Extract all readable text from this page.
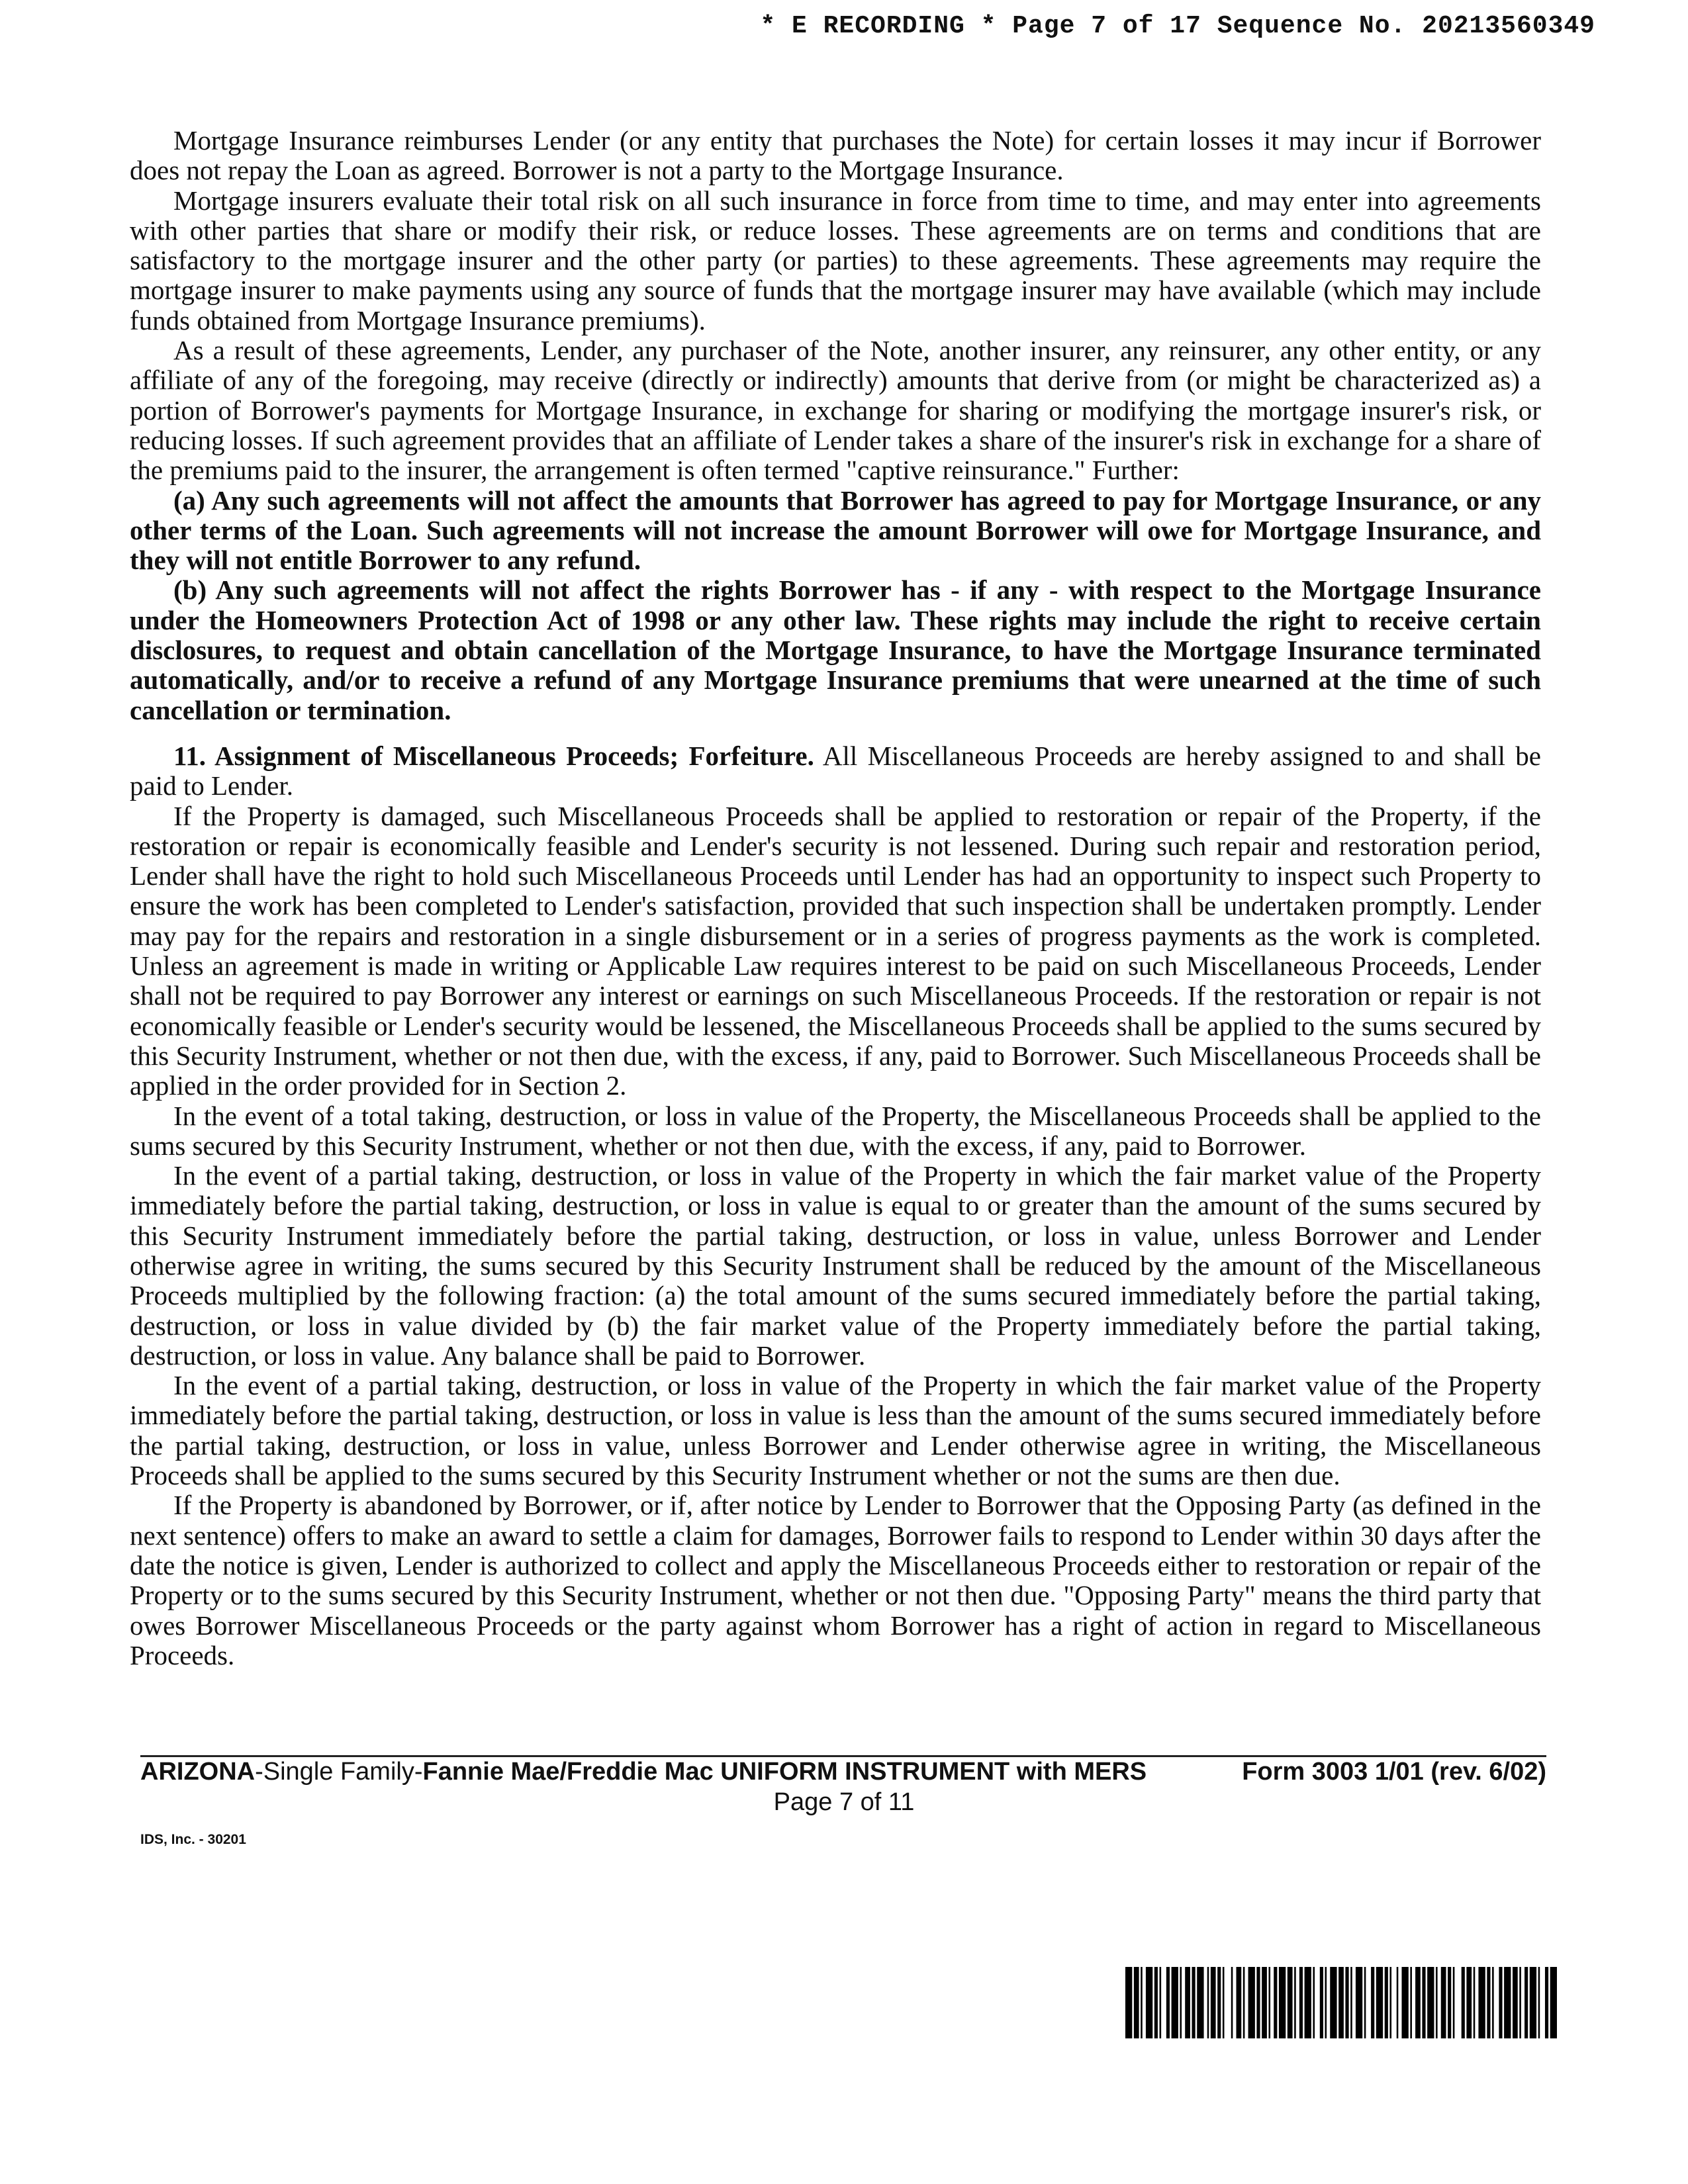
* E RECORDING * Page 7 of 17 Sequence No. 20213560349

Mortgage Insurance reimburses Lender (or any entity that purchases the Note) for certain losses it may incur if Borrower does not repay the Loan as agreed. Borrower is not a party to the Mortgage Insurance.

Mortgage insurers evaluate their total risk on all such insurance in force from time to time, and may enter into agreements with other parties that share or modify their risk, or reduce losses. These agreements are on terms and conditions that are satisfactory to the mortgage insurer and the other party (or parties) to these agreements. These agreements may require the mortgage insurer to make payments using any source of funds that the mortgage insurer may have available (which may include funds obtained from Mortgage Insurance premiums).

As a result of these agreements, Lender, any purchaser of the Note, another insurer, any reinsurer, any other entity, or any affiliate of any of the foregoing, may receive (directly or indirectly) amounts that derive from (or might be characterized as) a portion of Borrower's payments for Mortgage Insurance, in exchange for sharing or modifying the mortgage insurer's risk, or reducing losses. If such agreement provides that an affiliate of Lender takes a share of the insurer's risk in exchange for a share of the premiums paid to the insurer, the arrangement is often termed "captive reinsurance." Further:

(a) Any such agreements will not affect the amounts that Borrower has agreed to pay for Mortgage Insurance, or any other terms of the Loan. Such agreements will not increase the amount Borrower will owe for Mortgage Insurance, and they will not entitle Borrower to any refund.

(b) Any such agreements will not affect the rights Borrower has - if any - with respect to the Mortgage Insurance under the Homeowners Protection Act of 1998 or any other law. These rights may include the right to receive certain disclosures, to request and obtain cancellation of the Mortgage Insurance, to have the Mortgage Insurance terminated automatically, and/or to receive a refund of any Mortgage Insurance premiums that were unearned at the time of such cancellation or termination.

11. Assignment of Miscellaneous Proceeds; Forfeiture. All Miscellaneous Proceeds are hereby assigned to and shall be paid to Lender.

If the Property is damaged, such Miscellaneous Proceeds shall be applied to restoration or repair of the Property, if the restoration or repair is economically feasible and Lender's security is not lessened. During such repair and restoration period, Lender shall have the right to hold such Miscellaneous Proceeds until Lender has had an opportunity to inspect such Property to ensure the work has been completed to Lender's satisfaction, provided that such inspection shall be undertaken promptly. Lender may pay for the repairs and restoration in a single disbursement or in a series of progress payments as the work is completed. Unless an agreement is made in writing or Applicable Law requires interest to be paid on such Miscellaneous Proceeds, Lender shall not be required to pay Borrower any interest or earnings on such Miscellaneous Proceeds. If the restoration or repair is not economically feasible or Lender's security would be lessened, the Miscellaneous Proceeds shall be applied to the sums secured by this Security Instrument, whether or not then due, with the excess, if any, paid to Borrower. Such Miscellaneous Proceeds shall be applied in the order provided for in Section 2.

In the event of a total taking, destruction, or loss in value of the Property, the Miscellaneous Proceeds shall be applied to the sums secured by this Security Instrument, whether or not then due, with the excess, if any, paid to Borrower.

In the event of a partial taking, destruction, or loss in value of the Property in which the fair market value of the Property immediately before the partial taking, destruction, or loss in value is equal to or greater than the amount of the sums secured by this Security Instrument immediately before the partial taking, destruction, or loss in value, unless Borrower and Lender otherwise agree in writing, the sums secured by this Security Instrument shall be reduced by the amount of the Miscellaneous Proceeds multiplied by the following fraction: (a) the total amount of the sums secured immediately before the partial taking, destruction, or loss in value divided by (b) the fair market value of the Property immediately before the partial taking, destruction, or loss in value. Any balance shall be paid to Borrower.

In the event of a partial taking, destruction, or loss in value of the Property in which the fair market value of the Property immediately before the partial taking, destruction, or loss in value is less than the amount of the sums secured immediately before the partial taking, destruction, or loss in value, unless Borrower and Lender otherwise agree in writing, the Miscellaneous Proceeds shall be applied to the sums secured by this Security Instrument whether or not the sums are then due.

If the Property is abandoned by Borrower, or if, after notice by Lender to Borrower that the Opposing Party (as defined in the next sentence) offers to make an award to settle a claim for damages, Borrower fails to respond to Lender within 30 days after the date the notice is given, Lender is authorized to collect and apply the Miscellaneous Proceeds either to restoration or repair of the Property or to the sums secured by this Security Instrument, whether or not then due. "Opposing Party" means the third party that owes Borrower Miscellaneous Proceeds or the party against whom Borrower has a right of action in regard to Miscellaneous Proceeds.

ARIZONA-Single Family-Fannie Mae/Freddie Mac UNIFORM INSTRUMENT with MERS	Form 3003 1/01 (rev. 6/02)
Page 7 of 11
IDS, Inc. - 30201
